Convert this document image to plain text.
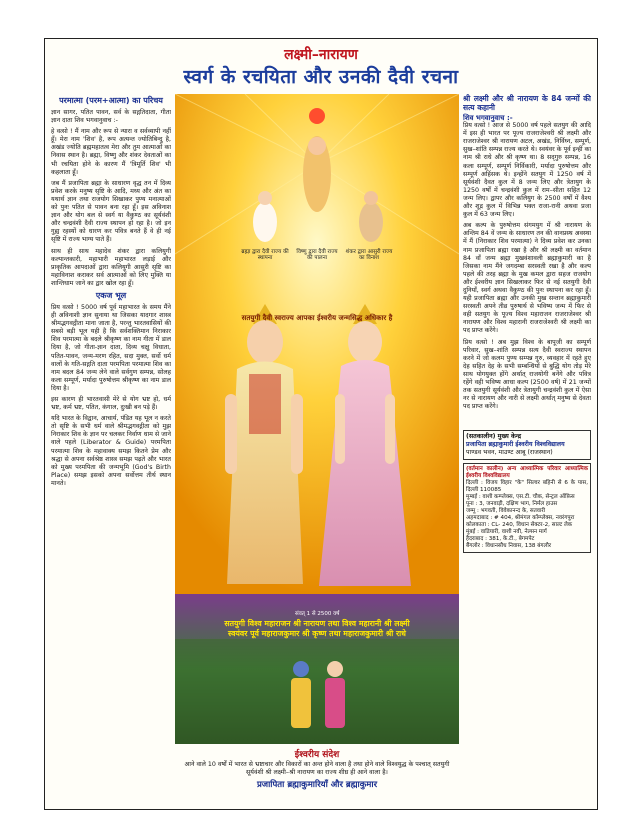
लक्ष्मी–नारायण
स्वर्ग के रचयिता और उनकी दैवी रचना
परमात्मा (परम+आत्मा) का परिचय

ज्ञान सागर, पतित पावन, सर्व के सद्गतिदाता, गीता ज्ञान दाता शिव भगवानुवाच :-

हे वत्सो ! मैं नाम और रूप से न्यारा व सर्वव्यापी नहीं हूँ। मेरा नाम 'शिव' है, रूप अत्यन्त ज्योतिबिन्दु है, अखंड ज्योति ब्रह्ममहातत्व मेरा और तुम आत्माओं का निवास स्थान है। ब्रह्मा, विष्णु और शंकर देवताओं का भी रचयिता होने के कारण मैं 'त्रिमूर्ति शिव' भी कहलाता हूँ।

जब मैं प्रजापिता ब्रह्मा के साधारण वृद्ध तन में दिव्य प्रवेश करके मनुष्य सृष्टि के आदि, मध्य और अंत का यथार्थ ज्ञान तथा राजयोग सिखाकर पुण्य मनात्माओं को पुनः पतित से पावन बना रहा हूँ। इस अविनाश ज्ञान और योग बल से स्वर्ग या वैकुण्ठ का सूर्यवंशी और चन्द्रवंशी दैवी राज्य स्थापन हो रहा है। जो इन गुह्य रहस्यों को धारण कर पवित्र बनते हैं वे ही नई सृष्टि में राज्य भाग्य पाते हैं।

साथ ही साथ महादेव शंकर द्वारा कलियुगी कल्पान्तकारी, महाभारी महाभारत लड़ाई और प्राकृतिक आपदाओं द्वारा कलियुगी आसुरी सृष्टि का महाविनाश कराकर सर्व आत्माओं को लिए मुक्ति या शान्तिधाम जाने का द्वार खोल रहा हूँ।

एकज भूल

प्रिय वत्सो ! 5000 वर्ष पूर्व महाभारत के समय मैंने ही अविनाशी ज्ञान सुनाया था जिसका यादगार शास्त्र श्रीमद्भगवद्गीता माना जाता है, परन्तु भारतवासियों की सबसे बड़ी भूल यही है कि सर्वशक्तिमान निराकार शिव परमात्मा के बदले श्रीकृष्ण का नाम गीता में डाल दिया है, जो गीता-ज्ञान दाता, दिव्य चक्षु विधाता, पतित-पावन, जन्म-मरण रहित, सदा मुक्त, सर्वो धर्म वालों के गति-सद्गति दाता परमपिता परमात्मा शिव का नाम बदल 84 जन्म लेने वाले सर्वगुण सम्पन्न, सोलह कला सम्पूर्ण, मर्यादा पुरुषोत्तम श्रीकृष्ण का नाम डाल दिया है।

इस कारण ही भारतवासी मेरे से योग भ्रष्ट हो, धर्म भ्रष्ट, कर्म भ्रष्ट, पतित, कंगाल, दुःखी बन पड़े हैं।

यदि भारत के विद्वान, आचार्य, पंडित यह भूल न करते तो सृष्टि के सभी धर्म वाले श्रीमद्भगवद्गीता को मुझ निराकार शिव के ज्ञान पर चलकर निर्वाण धाम से जाने वाले पहले (Liberator & Guide) परमपिता परमात्मा शिव के महावाक्य समझ कितने प्रेम और श्रद्धा से अपना सर्वश्रेष्ठ शास्त्र समझ पढ़ते और भारत को मुख्य परमपिता की जन्मभूमि (God's Birth Place) समझ इसको अपना सर्वोत्तम तीर्थ स्थान मानते।

ब्रह्मा द्वारा दैवी राज्य की स्थापना
विष्णु द्वारा दैवी राज्य की पालना
शंकर द्वारा आसुरी राज्य का विनाश
सतयुगी दैवी स्वराज्य आपका ईश्वरीय जन्मसिद्ध अधिकार है
संवत् 1 से 2500 वर्ष
सतयुगी विश्व महाराजन श्री नारायण तथा विश्व महारानी श्री लक्ष्मी
स्वयंवर पूर्व महाराजकुमार श्री कृष्ण तथा महाराजकुमारी श्री राधे
ईश्वरीय संदेश
आने वाले 10 वर्षों में भारत से भ्रष्टाचार और विकारों का अन्त होने वाला है तथा होने वाले विश्वयुद्ध के पश्चात् सतयुगी सूर्यवंशी श्री लक्ष्मी–श्री नारायण का राज्य शीघ्र ही आने वाला है।
प्रजापिता ब्रह्माकुमारियाँ और ब्रह्माकुमार
श्री लक्ष्मी और श्री नारायण के 84 जन्मों की सत्य कहानी
शिव भगवानुवाच :-

प्रिय वत्सो ! आज से 5000 वर्ष पहले सतयुग की आदि में इस ही भारत पर पूज्य राजराजेश्वरी श्री लक्ष्मी और राजराजेश्वर श्री नारायण अटल, अखंड, निर्विघ्न, सम्पूर्ण, सुख–शांति सम्पन्न राज्य करते थे। स्वयंवर के पूर्व इन्हीं का नाम श्री राधे और श्री कृष्ण था। 8 सद्‌गुरु सम्पन्न, 16 कला सम्पूर्ण, सम्पूर्ण निर्विकारी, मर्यादा पुरुषोत्तम और सम्पूर्ण अहिंसक थे। इन्होंने सतयुग में 1250 वर्ष में सूर्यवंशी दैवत कुल में 8 जन्म लिए और त्रेतायुग के 1250 वर्षों में चन्द्रवंशी कुल में राम–सीता सहित 12 जन्म लिए। द्वापर और कलियुग के 2500 वर्षों में वैश्य और शूद्र कुल में विभिन्न भक्त राजा-रानी अथवा प्रजा कुल में 63 जन्म लिए।

अब कल्प के पुरुषोत्तम संगमयुग में श्री नारायण के अन्तिम 84 वें जन्म के साधारण तन की वानप्रस्थ अवस्था में मैं (निराकार शिव परमात्मा) ने दिव्य प्रवेश कर उनका नाम प्रजापिता ब्रह्मा रखा है और श्री लक्ष्मी का वर्तमान 84 वाँ जन्म ब्रह्मा मुखवंशावली ब्रह्माकुमारी का है जिसका नाम मैंने जगदम्बा सरस्वती रखा है और कल्प पहले की तरह ब्रह्मा के मुख कमल द्वारा सहज राजयोग और ईश्वरीय ज्ञान सिखलाकर फिर से नई सतयुगी दैवी दुनियाँ, स्वर्ग अथवा वैकुण्ठ की पुनः स्थापना कर रहा हूँ। यही प्रजापिता ब्रह्मा और उनकी मुख सन्तान ब्रह्माकुमारी सरस्वती अपने तीव्र पुरुषार्थ से भविष्य जन्म में फिर से वही सतयुग के पूज्य विश्व महाराजन राजराजेश्वर श्री नारायण और विश्व महारानी राजराजेश्वरी श्री लक्ष्मी का पद प्राप्त करेंगे।

प्रिय वत्सो ! अब मुझ विश्व के बापूजी का सम्पूर्ण परिवार, सुख–शांति सम्पन्न सत्य दैवी स्वराज्य स्थापन करने में जो कलम पुण्य सम्पन्न गुरु, व्यवहार में रहते हुए देह सहित देह के सभी सम्बन्धियों से बुद्धि योग तोड़ मेरे साथ योगयुक्त होंगे अर्थात् राजयोगी बनेंगे और पवित्र रहेंगे वही भविष्य आधा कल्प (2500 वर्ष) में 21 जन्मों तक सतयुगी सूर्यवंशी और त्रेतायुगी चन्द्रवंशी कुल में ऐसा नर से नारायण और नारी से लक्ष्मी अर्थात् मनुष्य से देवता पद प्राप्त करेंगे।

(सतकालीन) मुख्य केन्द्र
प्रजापिता ब्रह्माकुमारी ईश्वरीय विश्वविद्यालय
पाण्डव भवन, माउण्ट आबू (राजस्थान)
(वर्तमान कालीन) अन्य आध्यात्मिक परिवार आध्यात्मिक ईश्वरीय विश्वविद्यालय
दिल्ली : विजय विहार "के" सिल्वर बहिनी से 6 के पास, दिल्ली 110085
मुम्बई : वाशी कम्प्लेक्स, एस.टी. चौक, सेन्ट्रल ऑफ़िस
पूना : 3, जनवाड़ी, दक्षिण भाग, निर्मल हाउस
जम्मू : भगवती, विवेकानन्द के, सतवारी
अहमदाबाद : # 404, श्रीमंगल कॉम्प्लेक्स, नवरंगपुरा
कोलकाता : CL- 240, विधान सेक्टर-2, साल्ट लेक
मुंबई : वाडियारी, वाशी नवी, नेल्सन मार्ग
हैदराबाद : 381, के.टी., बेगमपेट
बैंगलोर : विधानसौध निवास, 138 बंगलौर
